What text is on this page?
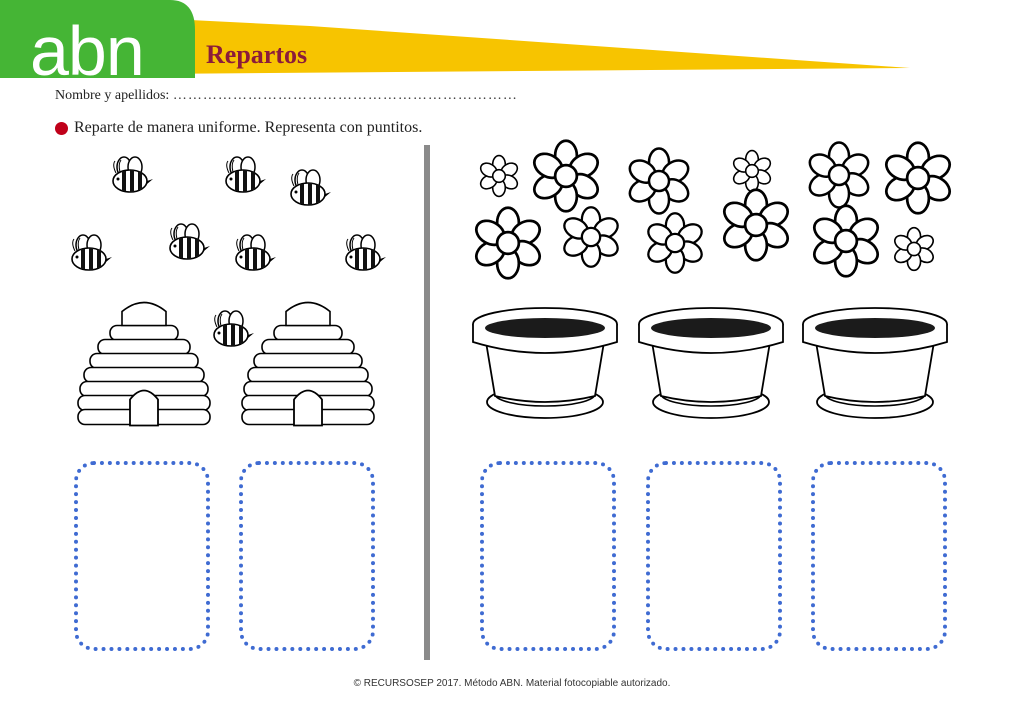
abn Repartos
Nombre y apellidos: ……………………………………………………………
Reparte de manera uniforme. Representa con puntitos.
© RECURSOSEP 2017. Método ABN. Material fotocopiable autorizado.
